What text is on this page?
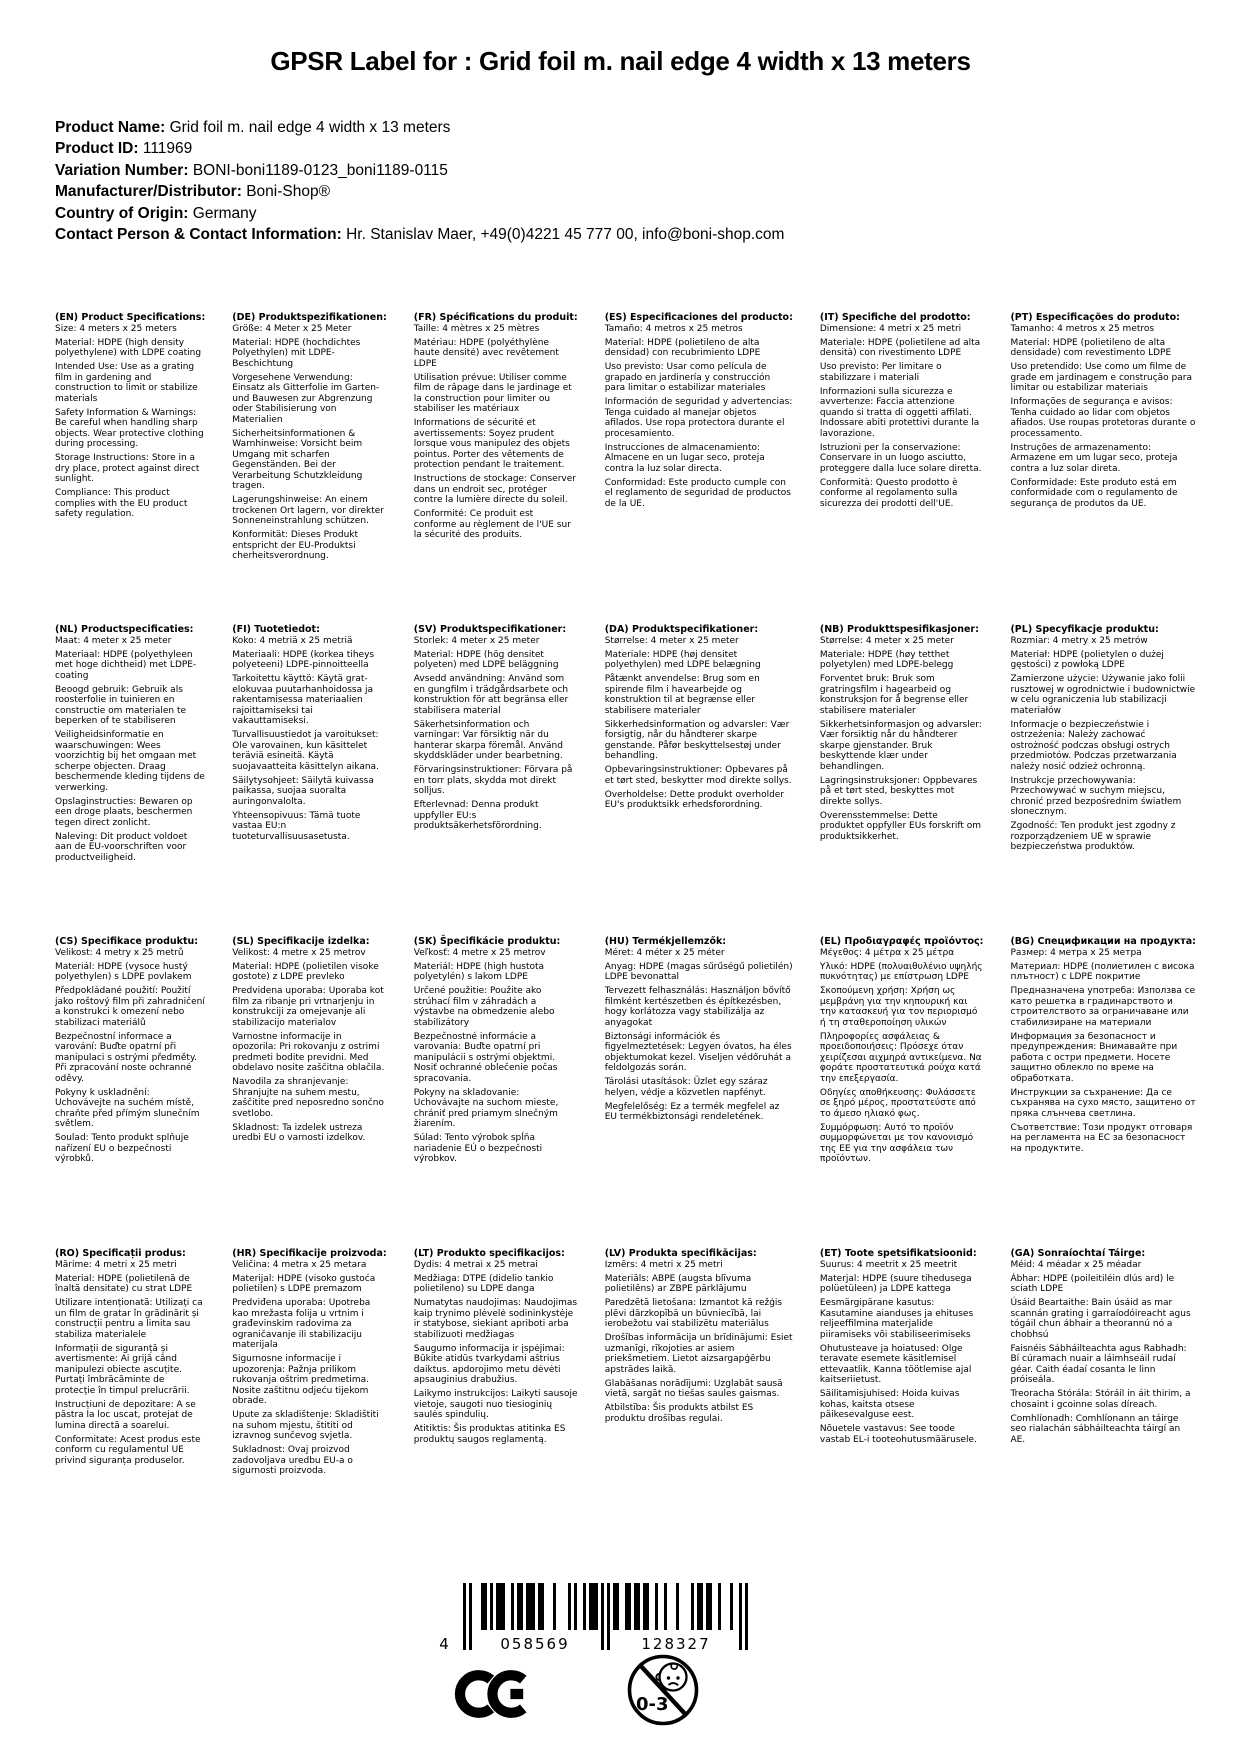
GPSR Label for : Grid foil m. nail edge 4 width x 13 meters
Product Name: Grid foil m. nail edge 4 width x 13 meters
Product ID: 111969
Variation Number: BONI-boni1189-0123_boni1189-0115
Manufacturer/Distributor: Boni-Shop®
Country of Origin: Germany
Contact Person & Contact Information: Hr. Stanislav Maer, +49(0)4221 45 777 00, info@boni-shop.com
(EN) Product Specifications:

Size: 4 meters x 25 meters

Material: HDPE (high density polyethylene) with LDPE coating

Intended Use: Use as a grating film in gardening and construction to limit or stabilize materials

Safety Information & Warnings: Be careful when handling sharp objects. Wear protective clothing during processing.

Storage Instructions: Store in a dry place, protect against direct sunlight.

Compliance: This product complies with the EU product safety regulation.

(DE) Produktspezifikationen:

Größe: 4 Meter x 25 Meter

Material: HDPE (hochdichtes Polyethylen) mit LDPE-Beschichtung

Vorgesehene Verwendung: Einsatz als Gitterfolie im Garten- und Bauwesen zur Abgrenzung oder Stabilisierung von Materialien

Sicherheitsinformationen & Warnhinweise: Vorsicht beim Umgang mit scharfen Gegenständen. Bei der Verarbeitung Schutzkleidung tragen.

Lagerungshinweise: An einem trockenen Ort lagern, vor direkter Sonneneinstrahlung schützen.

Konformität: Dieses Produkt entspricht der EU-Produktsi cherheitsverordnung.

(FR) Spécifications du produit:

Taille: 4 mètres x 25 mètres

Matériau: HDPE (polyéthylène haute densité) avec revêtement LDPE

Utilisation prévue: Utiliser comme film de râpage dans le jardinage et la construction pour limiter ou stabiliser les matériaux

Informations de sécurité et avertissements: Soyez prudent lorsque vous manipulez des objets pointus. Porter des vêtements de protection pendant le traitement.

Instructions de stockage: Conserver dans un endroit sec, protéger contre la lumière directe du soleil.

Conformité: Ce produit est conforme au règlement de l'UE sur la sécurité des produits.

(ES) Especificaciones del producto:

Tamaño: 4 metros x 25 metros

Material: HDPE (polietileno de alta densidad) con recubrimiento LDPE

Uso previsto: Usar como película de grapado en jardinería y construcción para limitar o estabilizar materiales

Información de seguridad y advertencias: Tenga cuidado al manejar objetos afilados. Use ropa protectora durante el procesamiento.

Instrucciones de almacenamiento: Almacene en un lugar seco, proteja contra la luz solar directa.

Conformidad: Este producto cumple con el reglamento de seguridad de productos de la UE.

(IT) Specifiche del prodotto:

Dimensione: 4 metri x 25 metri

Materiale: HDPE (polietilene ad alta densità) con rivestimento LDPE

Uso previsto: Per limitare o stabilizzare i materiali

Informazioni sulla sicurezza e avvertenze: Faccia attenzione quando si tratta di oggetti affilati. Indossare abiti protettivi durante la lavorazione.

Istruzioni per la conservazione: Conservare in un luogo asciutto, proteggere dalla luce solare diretta.

Conformità: Questo prodotto è conforme al regolamento sulla sicurezza dei prodotti dell'UE.

(PT) Especificações do produto:

Tamanho: 4 metros x 25 metros

Material: HDPE (polietileno de alta densidade) com revestimento LDPE

Uso pretendido: Use como um filme de grade em jardinagem e construção para limitar ou estabilizar materiais

Informações de segurança e avisos: Tenha cuidado ao lidar com objetos afiados. Use roupas protetoras durante o processamento.

Instruções de armazenamento: Armazene em um lugar seco, proteja contra a luz solar direta.

Conformidade: Este produto está em conformidade com o regulamento de segurança de produtos da UE.

(NL) Productspecificaties:

Maat: 4 meter x 25 meter

Materiaal: HDPE (polyethyleen met hoge dichtheid) met LDPE-coating

Beoogd gebruik: Gebruik als roosterfolie in tuinieren en constructie om materialen te beperken of te stabiliseren

Veiligheidsinformatie en waarschuwingen: Wees voorzichtig bij het omgaan met scherpe objecten. Draag beschermende kleding tijdens de verwerking.

Opslaginstructies: Bewaren op een droge plaats, beschermen tegen direct zonlicht.

Naleving: Dit product voldoet aan de EU-voorschriften voor productveiligheid.

(FI) Tuotetiedot:

Koko: 4 metriä x 25 metriä

Materiaali: HDPE (korkea tiheys polyeteeni) LDPE-pinnoitteella

Tarkoitettu käyttö: Käytä grat-elokuvaa puutarhanhoidossa ja rakentamisessa materiaalien rajoittamiseksi tai vakauttamiseksi.

Turvallisuustiedot ja varoitukset: Ole varovainen, kun käsittelet teräviä esineitä. Käytä suojavaatteita käsittelyn aikana.

Säilytysohjeet: Säilytä kuivassa paikassa, suojaa suoralta auringonvalolta.

Yhteensopivuus: Tämä tuote vastaa EU:n tuoteturvallisuusasetusta.

(SV) Produktspecifikationer:

Storlek: 4 meter x 25 meter

Material: HDPE (hög densitet polyeten) med LDPE beläggning

Avsedd användning: Använd som en gungfilm i trädgårdsarbete och konstruktion för att begränsa eller stabilisera material

Säkerhetsinformation och varningar: Var försiktig när du hanterar skarpa föremål. Använd skyddskläder under bearbetning.

Förvaringsinstruktioner: Förvara på en torr plats, skydda mot direkt solljus.

Efterlevnad: Denna produkt uppfyller EU:s produktsäkerhetsförordning.

(DA) Produktspecifikationer:

Størrelse: 4 meter x 25 meter

Materiale: HDPE (høj densitet polyethylen) med LDPE belægning

Påtænkt anvendelse: Brug som en spirende film i havearbejde og konstruktion til at begrænse eller stabilisere materialer

Sikkerhedsinformation og advarsler: Vær forsigtig, når du håndterer skarpe genstande. Påfør beskyttelsestøj under behandling.

Opbevaringsinstruktioner: Opbevares på et tørt sted, beskytter mod direkte sollys.

Overholdelse: Dette produkt overholder EU's produktsikk erhedsforordning.

(NB) Produkttspesifikasjoner:

Størrelse: 4 meter x 25 meter

Materiale: HDPE (høy tetthet polyetylen) med LDPE-belegg

Forventet bruk: Bruk som gratringsfilm i hagearbeid og konstruksjon for å begrense eller stabilisere materialer

Sikkerhetsinformasjon og advarsler: Vær forsiktig når du håndterer skarpe gjenstander. Bruk beskyttende klær under behandlingen.

Lagringsinstruksjoner: Oppbevares på et tørt sted, beskyttes mot direkte sollys.

Overensstemmelse: Dette produktet oppfyller EUs forskrift om produktsikkerhet.

(PL) Specyfikacje produktu:

Rozmiar: 4 metry x 25 metrów

Materiał: HDPE (polietylen o dużej gęstości) z powłoką LDPE

Zamierzone użycie: Używanie jako folii rusztowej w ogrodnictwie i budownictwie w celu ograniczenia lub stabilizacji materiałów

Informacje o bezpieczeństwie i ostrzeżenia: Należy zachować ostrożność podczas obsługi ostrych przedmiotów. Podczas przetwarzania należy nosić odzież ochronną.

Instrukcje przechowywania: Przechowywać w suchym miejscu, chronić przed bezpośrednim światłem słonecznym.

Zgodność: Ten produkt jest zgodny z rozporządzeniem UE w sprawie bezpieczeństwa produktów.

(CS) Specifikace produktu:

Velikost: 4 metry x 25 metrů

Materiál: HDPE (vysoce hustý polyethylen) s LDPE povlakem

Předpokládané použití: Použití jako roštový film při zahradničení a konstrukci k omezení nebo stabilizaci materiálů

Bezpečnostní informace a varování: Buďte opatrní při manipulaci s ostrými předměty. Při zpracování noste ochranné oděvy.

Pokyny k uskladnění: Uchovávejte na suchém místě, chraňte před přímým slunečním světlem.

Soulad: Tento produkt splňuje nařízení EU o bezpečnosti výrobků.

(SL) Specifikacije izdelka:

Velikost: 4 metre x 25 metrov

Material: HDPE (polietilen visoke gostote) z LDPE prevleko

Predvidena uporaba: Uporaba kot film za ribanje pri vrtnarjenju in konstrukciji za omejevanje ali stabilizacijo materialov

Varnostne informacije in opozorila: Pri rokovanju z ostrimi predmeti bodite previdni. Med obdelavo nosite zaščitna oblačila.

Navodila za shranjevanje: Shranjujte na suhem mestu, zaščitite pred neposredno sončno svetlobo.

Skladnost: Ta izdelek ustreza uredbi EU o varnosti izdelkov.

(SK) Špecifikácie produktu:

Veľkosť: 4 metre x 25 metrov

Materiál: HDPE (high hustota polyetylén) s lakom LDPE

Určené použitie: Použite ako strúhací film v záhradách a výstavbe na obmedzenie alebo stabilizátory

Bezpečnostné informácie a varovania: Buďte opatrní pri manipulácii s ostrými objektmi. Nosiť ochranné oblečenie počas spracovania.

Pokyny na skladovanie: Uchovávajte na suchom mieste, chrániť pred priamym slnečným žiarením.

Súlad: Tento výrobok spĺňa nariadenie EÚ o bezpečnosti výrobkov.

(HU) Termékjellemzők:

Méret: 4 méter x 25 méter

Anyag: HDPE (magas sűrűségű polietilén) LDPE bevonattal

Tervezett felhasználás: Használjon bővítő filmként kertészetben és építkezésben, hogy korlátozza vagy stabilizálja az anyagokat

Biztonsági információk és figyelmeztetések: Legyen óvatos, ha éles objektumokat kezel. Viseljen védőruhát a feldolgozás során.

Tárolási utasítások: Üzlet egy száraz helyen, védje a közvetlen napfényt.

Megfelelőség: Ez a termék megfelel az EU termékbiztonsági rendeletének.

(EL) Προδιαγραφές προϊόντος:

Μέγεθος: 4 μέτρα x 25 μέτρα

Υλικό: HDPE (πολυαιθυλένιο υψηλής πυκνότητας) με επίστρωση LDPE

Σκοπούμενη χρήση: Χρήση ως μεμβράνη για την κηπουρική και την κατασκευή για τον περιορισμό ή τη σταθεροποίηση υλικών

Πληροφορίες ασφάλειας & προειδοποιήσεις: Πρόσεχε όταν χειρίζεσαι αιχμηρά αντικείμενα. Να φοράτε προστατευτικά ρούχα κατά την επεξεργασία.

Οδηγίες αποθήκευσης: Φυλάσσετε σε ξηρό μέρος, προστατεύστε από το άμεσο ηλιακό φως.

Συμμόρφωση: Αυτό το προϊόν συμμορφώνεται με τον κανονισμό της ΕΕ για την ασφάλεια των προϊόντων.

(BG) Спецификации на продукта:

Размер: 4 метра x 25 метра

Материал: HDPE (полиетилен с висока плътност) с LDPE покритие

Предназначена употреба: Използва се като решетка в градинарството и строителството за ограничаване или стабилизиране на материали

Информация за безопасност и предупреждения: Внимавайте при работа с остри предмети. Носете защитно облекло по време на обработката.

Инструкции за съхранение: Да се съхранява на сухо място, защитено от пряка слънчева светлина.

Съответствие: Този продукт отговаря на регламента на ЕС за безопасност на продуктите.

(RO) Specificații produs:

Mărime: 4 metri x 25 metri

Material: HDPE (polietilenă de înaltă densitate) cu strat LDPE

Utilizare intenționată: Utilizați ca un film de gratar în grădinărit și construcții pentru a limita sau stabiliza materialele

Informații de siguranță și avertismente: Ai grijă când manipulezi obiecte ascuțite. Purtați îmbrăcăminte de protecție în timpul prelucrării.

Instrucțiuni de depozitare: A se păstra la loc uscat, protejat de lumina directă a soarelui.

Conformitate: Acest produs este conform cu regulamentul UE privind siguranța produselor.

(HR) Specifikacije proizvoda:

Veličina: 4 metra x 25 metara

Materijal: HDPE (visoko gustoća polietilen) s LDPE premazom

Predviđena uporaba: Upotreba kao mrežasta folija u vrtnim i građevinskim radovima za ograničavanje ili stabilizaciju materijala

Sigurnosne informacije i upozorenja: Pažnja prilikom rukovanja oštrim predmetima. Nosite zaštitnu odjeću tijekom obrade.

Upute za skladištenje: Skladištiti na suhom mjestu, štititi od izravnog sunčevog svjetla.

Sukladnost: Ovaj proizvod zadovoljava uredbu EU-a o sigurnosti proizvoda.

(LT) Produkto specifikacijos:

Dydis: 4 metrai x 25 metrai

Medžiaga: DTPE (didelio tankio polietileno) su LDPE danga

Numatytas naudojimas: Naudojimas kaip trynimo plėvelė sodininkystėje ir statybose, siekiant apriboti arba stabilizuoti medžiagas

Saugumo informacija ir įspėjimai: Būkite atidūs tvarkydami aštrius daiktus. apdorojimo metu dėvėti apsauginius drabužius.

Laikymo instrukcijos: Laikyti sausoje vietoje, saugoti nuo tiesioginių saulės spindulių.

Atitiktis: Šis produktas atitinka ES produktų saugos reglamentą.

(LV) Produkta specifikācijas:

Izmērs: 4 metri x 25 metri

Materiāls: ABPE (augsta blīvuma polietilēns) ar ZBPE pārklājumu

Paredzētā lietošana: Izmantot kā režģis plēvi dārzkopībā un būvniecībā, lai ierobežotu vai stabilizētu materiālus

Drošības informācija un brīdinājumi: Esiet uzmanīgi, rīkojoties ar asiem priekšmetiem. Lietot aizsargapģērbu apstrādes laikā.

Glabāšanas norādījumi: Uzglabāt sausā vietā, sargāt no tiešas saules gaismas.

Atbilstība: Šis produkts atbilst ES produktu drošības regulai.

(ET) Toote spetsifikatsioonid:

Suurus: 4 meetrit x 25 meetrit

Materjal: HDPE (suure tihedusega polüetüleen) ja LDPE kattega

Eesmärgipärane kasutus: Kasutamine aianduses ja ehituses reljeeffilmina materjalide piiramiseks või stabiliseerimiseks

Ohutusteave ja hoiatused: Olge teravate esemete käsitlemisel ettevaatlik. Kanna töötlemise ajal kaitseriietust.

Säilitamisjuhised: Hoida kuivas kohas, kaitsta otsese päikesevalguse eest.

Nõuetele vastavus: See toode vastab EL-i tooteohutusmäärusele.

(GA) Sonraíochtaí Táirge:

Méid: 4 méadar x 25 méadar

Ábhar: HDPE (poileitiléin dlús ard) le sciath LDPE

Úsáid Beartaithe: Bain úsáid as mar scannán grating i garraíodóireacht agus tógáil chun ábhair a theorannú nó a chobhsú

Faisnéis Sábháilteachta agus Rabhadh: Bí cúramach nuair a láimhseáil rudaí géar. Caith éadaí cosanta le linn próiseála.

Treoracha Stórála: Stóráil in áit thirim, a chosaint i gcoinne solas díreach.

Comhlíonadh: Comhlíonann an táirge seo rialachán sábháilteachta táirgí an AE.

4	058569	128327
0-3
